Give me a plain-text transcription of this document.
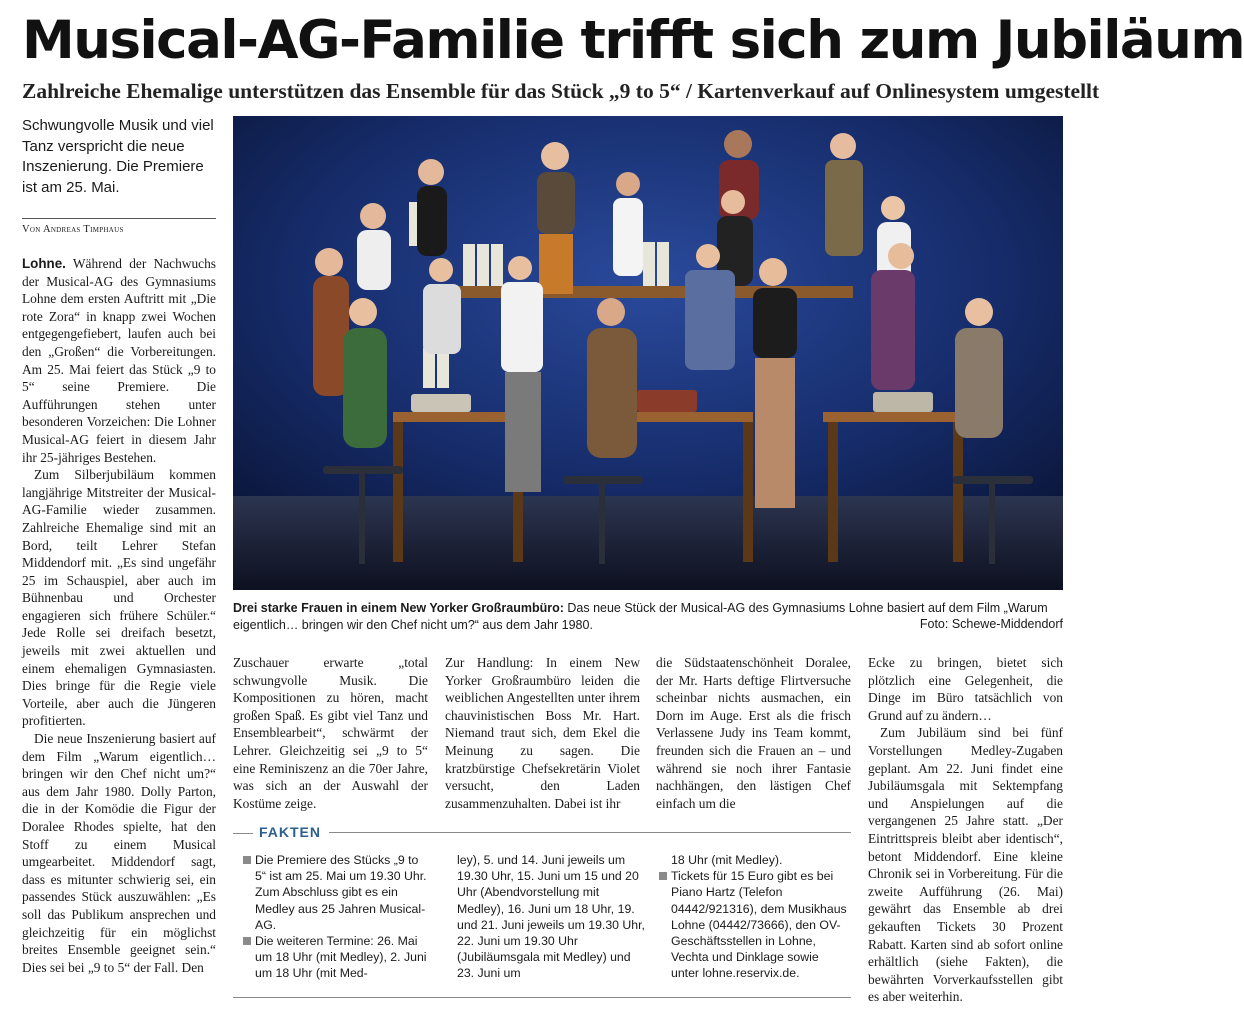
Musical-AG-Familie trifft sich zum Jubiläum
Zahlreiche Ehemalige unterstützen das Ensemble für das Stück „9 to 5“ / Kartenverkauf auf Onlinesystem umgestellt
Schwungvolle Musik und viel Tanz verspricht die neue Inszenierung. Die Premiere ist am 25. Mai.
Von Andreas Timphaus

Lohne. Während der Nachwuchs der Musical-AG des Gymnasiums Lohne dem ersten Auftritt mit „Die rote Zora“ in knapp zwei Wochen entgegengefiebert, laufen auch bei den „Großen“ die Vorbereitungen. Am 25. Mai feiert das Stück „9 to 5“ seine Premiere. Die Aufführungen stehen unter besonderen Vorzeichen: Die Lohner Musical-AG feiert in diesem Jahr ihr 25-jähriges Bestehen.

Zum Silberjubiläum kommen langjährige Mitstreiter der Musical-AG-Familie wieder zusammen. Zahlreiche Ehemalige sind mit an Bord, teilt Lehrer Stefan Middendorf mit. „Es sind ungefähr 25 im Schauspiel, aber auch im Bühnenbau und Orchester engagieren sich frühere Schüler.“ Jede Rolle sei dreifach besetzt, jeweils mit zwei aktuellen und einem ehemaligen Gymnasiasten. Dies bringe für die Regie viele Vorteile, aber auch die Jüngeren profitierten.

Die neue Inszenierung basiert auf dem Film „Warum eigentlich… bringen wir den Chef nicht um?“ aus dem Jahr 1980. Dolly Parton, die in der Komödie die Figur der Doralee Rhodes spielte, hat den Stoff zu einem Musical umgearbeitet. Middendorf sagt, dass es mitunter schwierig sei, ein passendes Stück auszuwählen: „Es soll das Publikum ansprechen und gleichzeitig für ein möglichst breites Ensemble geeignet sein.“ Dies sei bei „9 to 5“ der Fall. Den

Drei starke Frauen in einem New Yorker Großraumbüro: Das neue Stück der Musical-AG des Gymnasiums Lohne basiert auf dem Film „Warum eigentlich… bringen wir den Chef nicht um?“ aus dem Jahr 1980.	Foto: Schewe-Middendorf
Zuschauer erwarte „total schwungvolle Musik. Die Kompositionen zu hören, macht großen Spaß. Es gibt viel Tanz und Ensemblearbeit“, schwärmt der Lehrer. Gleichzeitig sei „9 to 5“ eine Reminiszenz an die 70er Jahre, was sich an der Auswahl der Kostüme zeige.
Zur Handlung: In einem New Yorker Großraumbüro leiden die weiblichen Angestellten unter ihrem chauvinistischen Boss Mr. Hart. Niemand traut sich, dem Ekel die Meinung zu sagen. Die kratzbürstige Chefsekretärin Violet versucht, den Laden zusammenzuhalten. Dabei ist ihr
die Südstaatenschönheit Doralee, der Mr. Harts deftige Flirtversuche scheinbar nichts ausmachen, ein Dorn im Auge. Erst als die frisch Verlassene Judy ins Team kommt, freunden sich die Frauen an – und während sie noch ihrer Fantasie nachhängen, den lästigen Chef einfach um die

Ecke zu bringen, bietet sich plötzlich eine Gelegenheit, die Dinge im Büro tatsächlich von Grund auf zu ändern…

Zum Jubiläum sind bei fünf Vorstellungen Medley-Zugaben geplant. Am 22. Juni findet eine Jubiläumsgala mit Sektempfang und Anspielungen auf die vergangenen 25 Jahre statt. „Der Eintrittspreis bleibt aber identisch“, betont Middendorf. Eine kleine Chronik sei in Vorbereitung. Für die zweite Aufführung (26. Mai) gewährt das Ensemble ab drei gekauften Tickets 30 Prozent Rabatt. Karten sind ab sofort online erhältlich (siehe Fakten), die bewährten Vorverkaufsstellen gibt es aber weiterhin.

FAKTEN
Die Premiere des Stücks „9 to 5“ ist am 25. Mai um 19.30 Uhr. Zum Abschluss gibt es ein Medley aus 25 Jahren Musical-AG.
Die weiteren Termine: 26. Mai um 18 Uhr (mit Medley), 2. Juni um 18 Uhr (mit Med-
ley), 5. und 14. Juni jeweils um 19.30 Uhr, 15. Juni um 15 und 20 Uhr (Abendvorstellung mit Medley), 16. Juni um 18 Uhr, 19. und 21. Juni jeweils um 19.30 Uhr, 22. Juni um 19.30 Uhr (Jubiläumsgala mit Medley) und 23. Juni um
18 Uhr (mit Medley).
Tickets für 15 Euro gibt es bei Piano Hartz (Telefon 04442/921316), dem Musikhaus Lohne (04442/73666), den OV-Geschäftsstellen in Lohne, Vechta und Dinklage sowie unter lohne.reservix.de.
